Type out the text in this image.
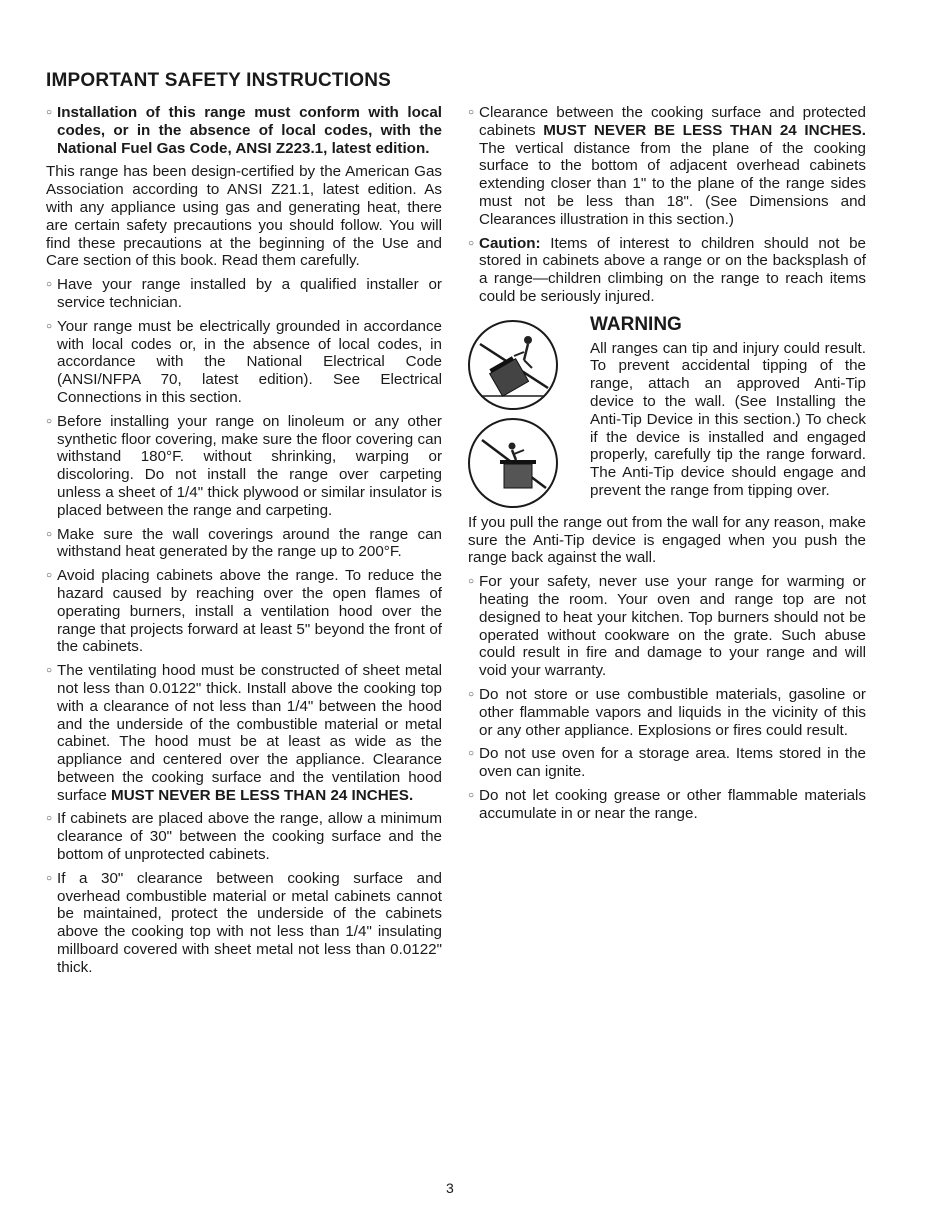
IMPORTANT SAFETY INSTRUCTIONS
○ Installation of this range must conform with local codes, or in the absence of local codes, with the National Fuel Gas Code, ANSI Z223.1, latest edition.

This range has been design-certified by the American Gas Association according to ANSI Z21.1, latest edition. As with any appliance using gas and generating heat, there are certain safety precautions you should follow. You will find these precautions at the beginning of the Use and Care section of this book. Read them carefully.

○ Have your range installed by a qualified installer or service technician.
○ Your range must be electrically grounded in accordance with local codes or, in the absence of local codes, in accordance with the National Electrical Code (ANSI/NFPA 70, latest edition). See Electrical Connections in this section.
○ Before installing your range on linoleum or any other synthetic floor covering, make sure the floor covering can withstand 180°F. without shrinking, warping or discoloring. Do not install the range over carpeting unless a sheet of 1/4" thick plywood or similar insulator is placed between the range and carpeting.
○ Make sure the wall coverings around the range can withstand heat generated by the range up to 200°F.
○ Avoid placing cabinets above the range. To reduce the hazard caused by reaching over the open flames of operating burners, install a ventilation hood over the range that projects forward at least 5" beyond the front of the cabinets.
○ The ventilating hood must be constructed of sheet metal not less than 0.0122" thick. Install above the cooking top with a clearance of not less than 1/4" between the hood and the underside of the combustible material or metal cabinet. The hood must be at least as wide as the appliance and centered over the appliance. Clearance between the cooking surface and the ventilation hood surface MUST NEVER BE LESS THAN 24 INCHES.
○ If cabinets are placed above the range, allow a minimum clearance of 30" between the cooking surface and the bottom of unprotected cabinets.
○ If a 30" clearance between cooking surface and overhead combustible material or metal cabinets cannot be maintained, protect the underside of the cabinets above the cooking top with not less than 1/4" insulating millboard covered with sheet metal not less than 0.0122" thick.
○ Clearance between the cooking surface and protected cabinets MUST NEVER BE LESS THAN 24 INCHES. The vertical distance from the plane of the cooking surface to the bottom of adjacent overhead cabinets extending closer than 1" to the plane of the range sides must not be less than 18". (See Dimensions and Clearances illustration in this section.)
○ Caution: Items of interest to children should not be stored in cabinets above a range or on the backsplash of a range—children climbing on the range to reach items could be seriously injured.
WARNING
All ranges can tip and injury could result. To prevent accidental tipping of the range, attach an approved Anti-Tip device to the wall. (See Installing the Anti-Tip Device in this section.) To check if the device is installed and engaged properly, carefully tip the range forward. The Anti-Tip device should engage and prevent the range from tipping over.

If you pull the range out from the wall for any reason, make sure the Anti-Tip device is engaged when you push the range back against the wall.

○ For your safety, never use your range for warming or heating the room. Your oven and range top are not designed to heat your kitchen. Top burners should not be operated without cookware on the grate. Such abuse could result in fire and damage to your range and will void your warranty.
○ Do not store or use combustible materials, gasoline or other flammable vapors and liquids in the vicinity of this or any other appliance. Explosions or fires could result.
○ Do not use oven for a storage area. Items stored in the oven can ignite.
○ Do not let cooking grease or other flammable materials accumulate in or near the range.
3
